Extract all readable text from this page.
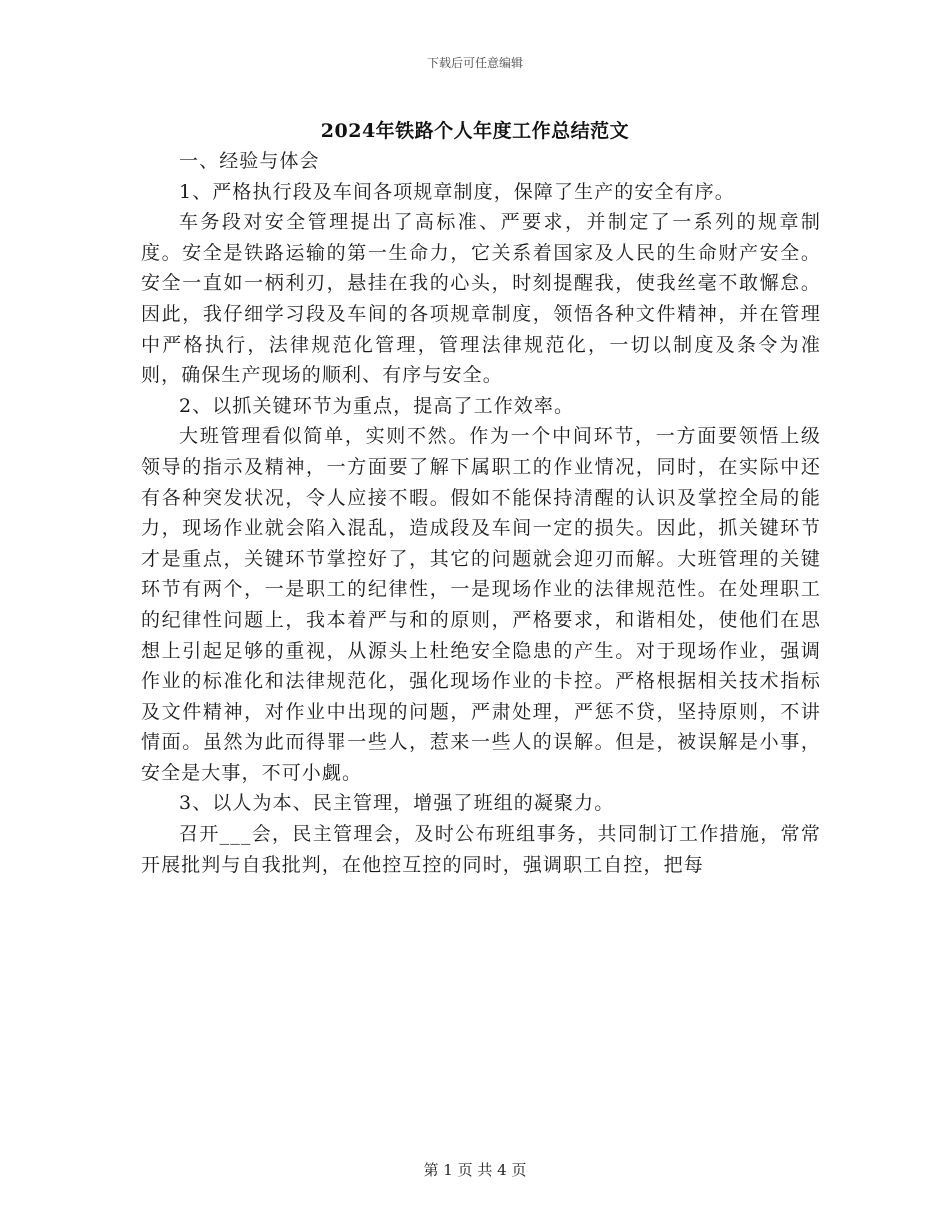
下载后可任意编辑
2024年铁路个人年度工作总结范文

一、经验与体会

1、严格执行段及车间各项规章制度，保障了生产的安全有序。

车务段对安全管理提出了高标准、严要求，并制定了一系列的规章制度。安全是铁路运输的第一生命力，它关系着国家及人民的生命财产安全。安全一直如一柄利刃，悬挂在我的心头，时刻提醒我，使我丝毫不敢懈怠。因此，我仔细学习段及车间的各项规章制度，领悟各种文件精神，并在管理中严格执行，法律规范化管理，管理法律规范化，一切以制度及条令为准则，确保生产现场的顺利、有序与安全。

2、以抓关键环节为重点，提高了工作效率。

大班管理看似简单，实则不然。作为一个中间环节，一方面要领悟上级领导的指示及精神，一方面要了解下属职工的作业情况，同时，在实际中还有各种突发状况，令人应接不暇。假如不能保持清醒的认识及掌控全局的能力，现场作业就会陷入混乱，造成段及车间一定的损失。因此，抓关键环节才是重点，关键环节掌控好了，其它的问题就会迎刃而解。大班管理的关键环节有两个，一是职工的纪律性，一是现场作业的法律规范性。在处理职工的纪律性问题上，我本着严与和的原则，严格要求，和谐相处，使他们在思想上引起足够的重视，从源头上杜绝安全隐患的产生。对于现场作业，强调作业的标准化和法律规范化，强化现场作业的卡控。严格根据相关技术指标及文件精神，对作业中出现的问题，严肃处理，严惩不贷，坚持原则，不讲情面。虽然为此而得罪一些人，惹来一些人的误解。但是，被误解是小事，安全是大事，不可小觑。

3、以人为本、民主管理，增强了班组的凝聚力。

召开___会，民主管理会，及时公布班组事务，共同制订工作措施，常常开展批判与自我批判，在他控互控的同时，强调职工自控，把每

第 1 页 共 4 页
